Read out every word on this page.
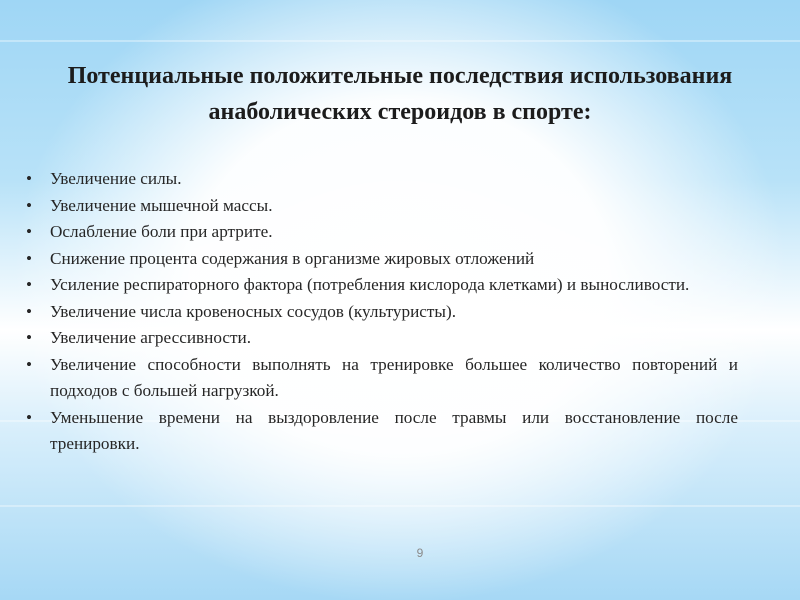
Потенциальные положительные последствия использования анаболических стероидов в спорте:
• Увеличение силы.
• Увеличение мышечной массы.
• Ослабление боли при артрите.
• Снижение процента содержания в организме жировых отложений
• Усиление респираторного фактора (потребления кислорода клетками) и выносливости.
• Увеличение числа кровеносных сосудов (культуристы).
• Увеличение агрессивности.
• Увеличение способности выполнять на тренировке большее количество повторений и подходов с большей нагрузкой.
• Уменьшение времени на выздоровление после травмы или восстановление после тренировки.
9
